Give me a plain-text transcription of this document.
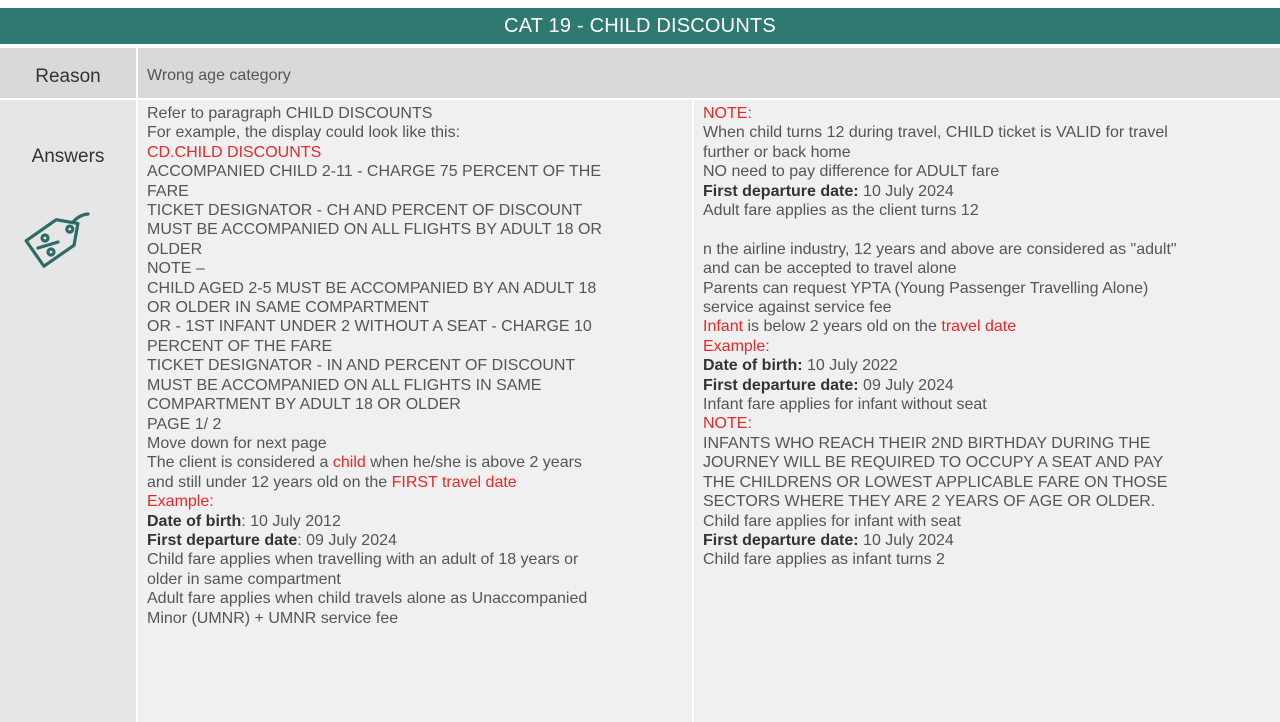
CAT 19 - CHILD DISCOUNTS
Reason	Wrong age category
Answers
Refer to paragraph CHILD DISCOUNTS
For example, the display could look like this:
CD.CHILD DISCOUNTS
ACCOMPANIED CHILD 2-11 - CHARGE 75 PERCENT OF THE
FARE
TICKET DESIGNATOR - CH AND PERCENT OF DISCOUNT
MUST BE ACCOMPANIED ON ALL FLIGHTS BY ADULT 18 OR
OLDER
NOTE –
CHILD AGED 2-5 MUST BE ACCOMPANIED BY AN ADULT 18
OR OLDER IN SAME COMPARTMENT
OR - 1ST INFANT UNDER 2 WITHOUT A SEAT - CHARGE 10
PERCENT OF THE FARE
TICKET DESIGNATOR - IN AND PERCENT OF DISCOUNT
MUST BE ACCOMPANIED ON ALL FLIGHTS IN SAME
COMPARTMENT BY ADULT 18 OR OLDER
PAGE 1/ 2
Move down for next page
The client is considered a child when he/she is above 2 years
and still under 12 years old on the FIRST travel date
Example:
Date of birth: 10 July 2012
First departure date: 09 July 2024
Child fare applies when travelling with an adult of 18 years or
older in same compartment
Adult fare applies when child travels alone as Unaccompanied
Minor (UMNR) + UMNR service fee
NOTE:
When child turns 12 during travel, CHILD ticket is VALID for travel
further or back home
NO need to pay difference for ADULT fare
First departure date: 10 July 2024
Adult fare applies as the client turns 12
n the airline industry, 12 years and above are considered as "adult"
and can be accepted to travel alone
Parents can request YPTA (Young Passenger Travelling Alone)
service against service fee
Infant is below 2 years old on the travel date
Example:
Date of birth: 10 July 2022
First departure date: 09 July 2024
Infant fare applies for infant without seat
NOTE:
INFANTS WHO REACH THEIR 2ND BIRTHDAY DURING THE
JOURNEY WILL BE REQUIRED TO OCCUPY A SEAT AND PAY
THE CHILDRENS OR LOWEST APPLICABLE FARE ON THOSE
SECTORS WHERE THEY ARE 2 YEARS OF AGE OR OLDER.
Child fare applies for infant with seat
First departure date: 10 July 2024
Child fare applies as infant turns 2
